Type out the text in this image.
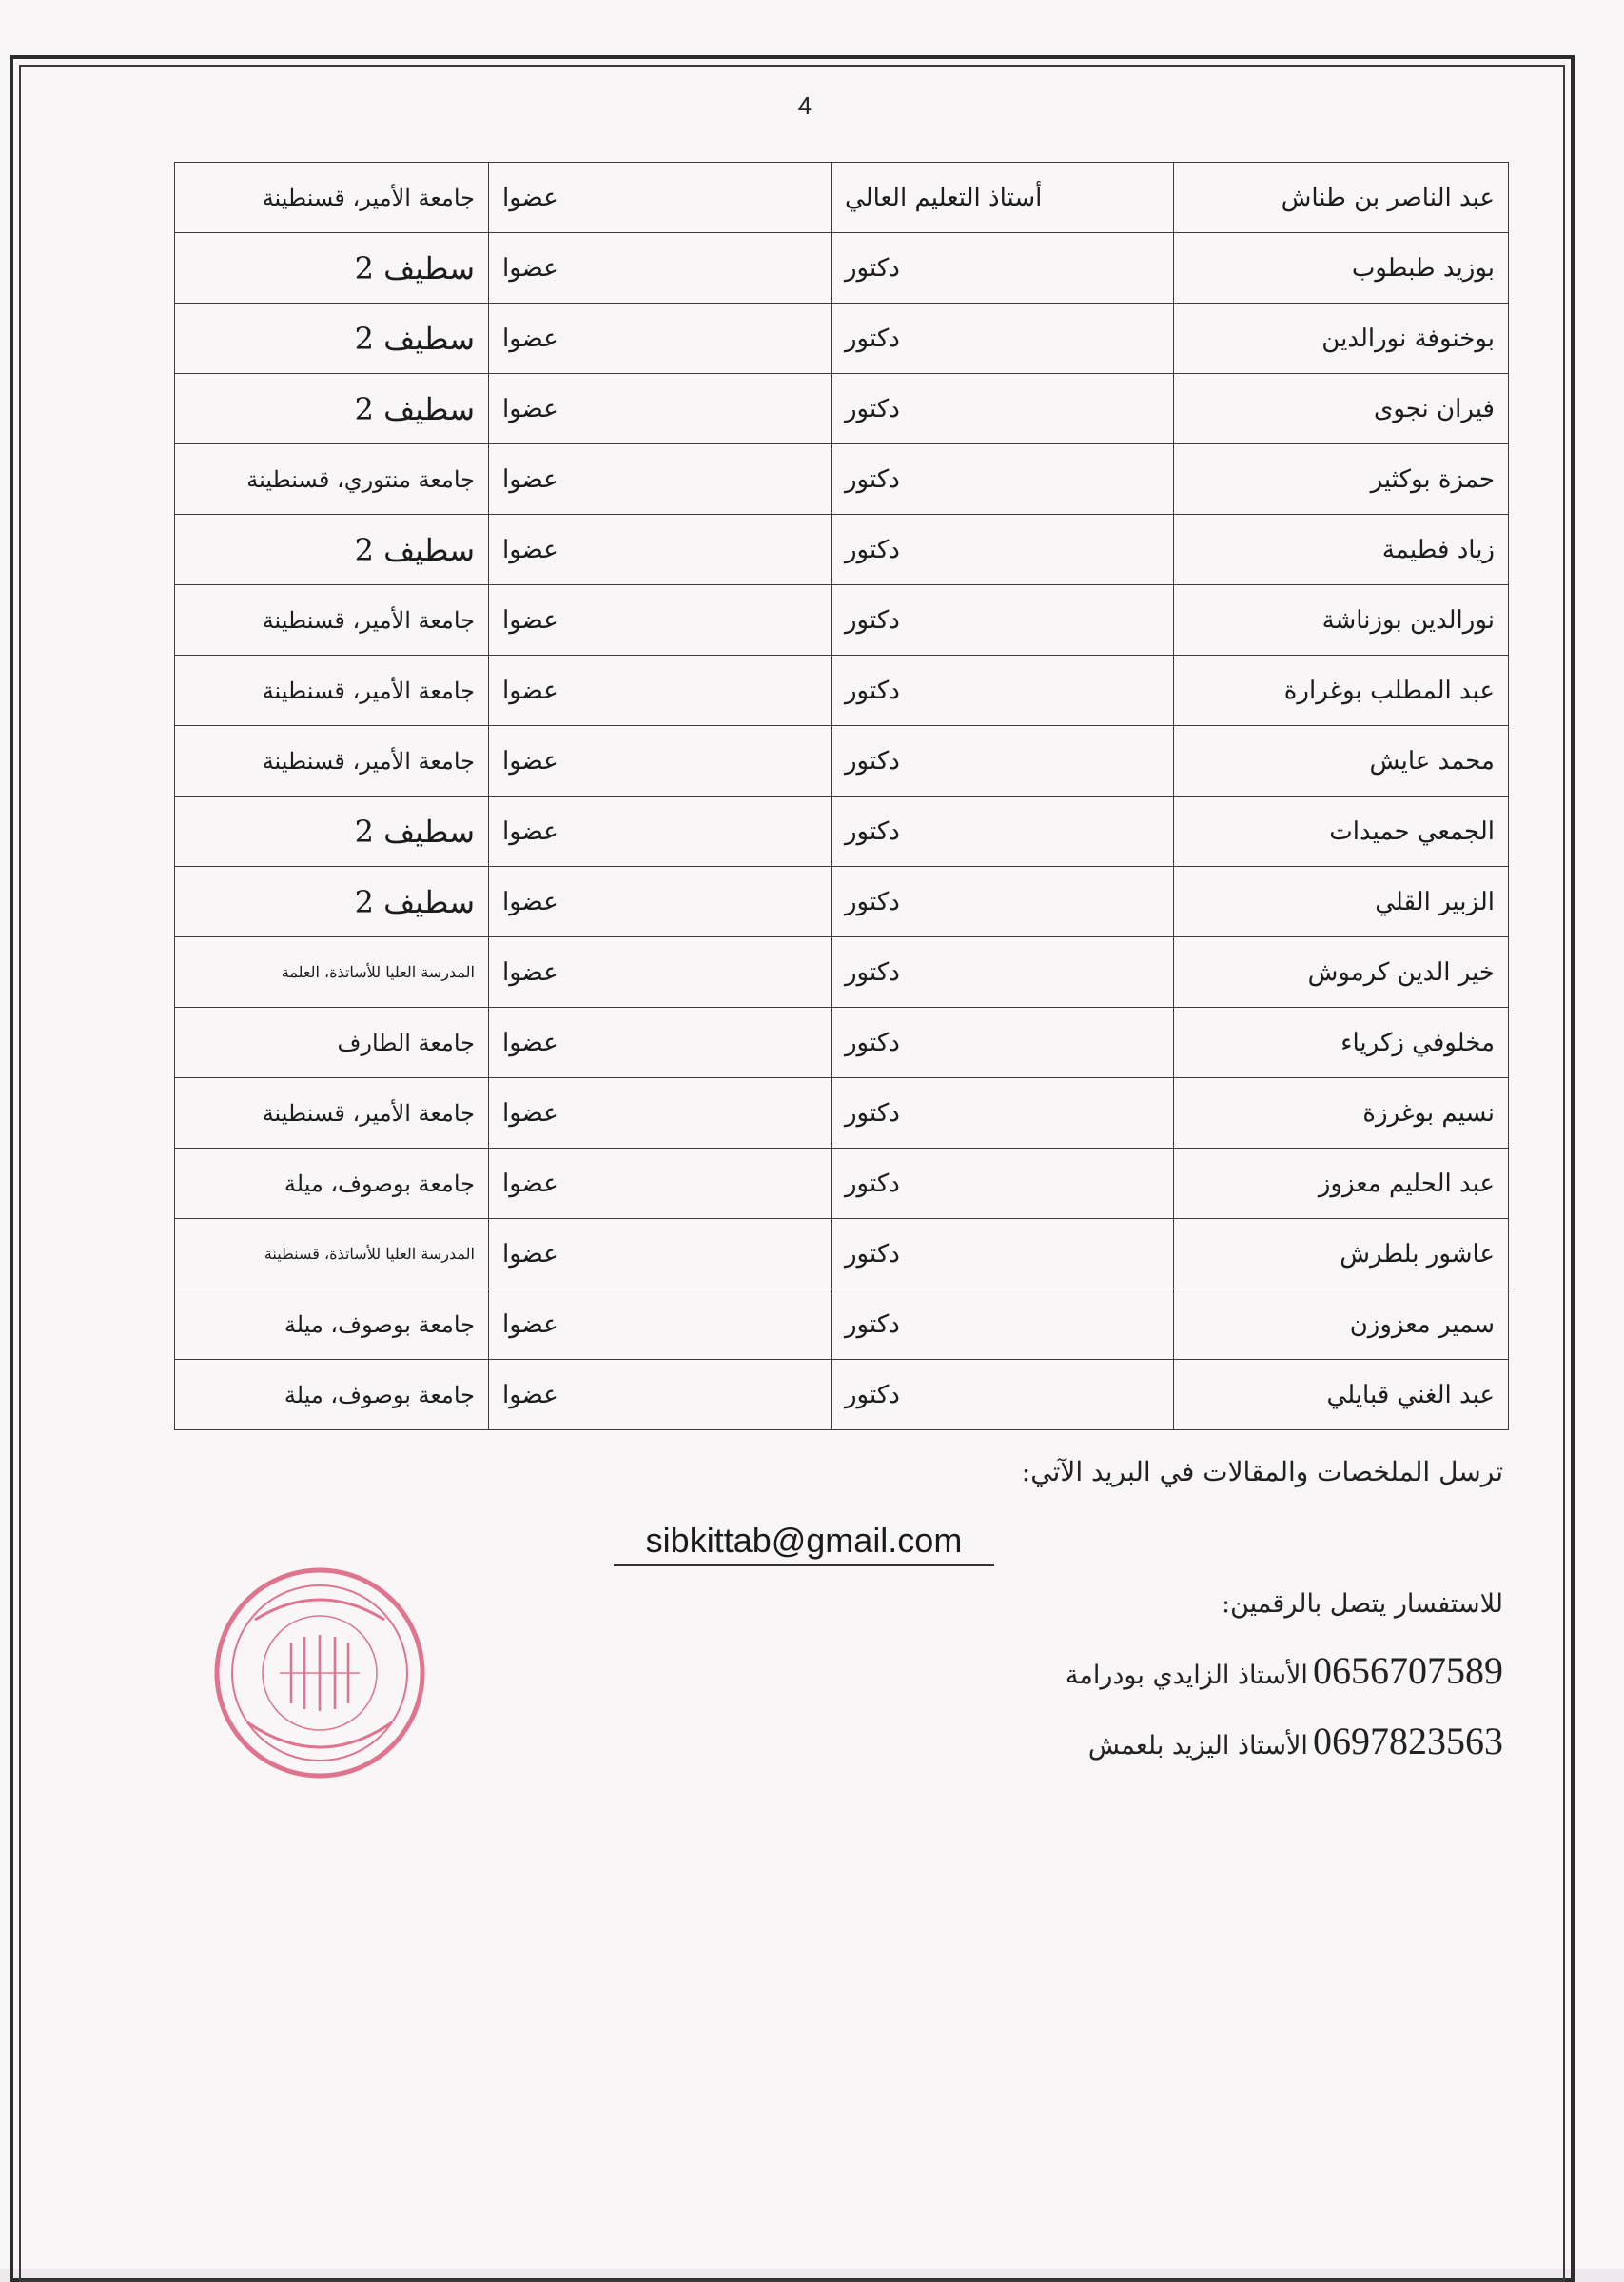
4
عبد الناصر بن طناش	أستاذ التعليم العالي	عضوا	جامعة الأمير، قسنطينة
بوزيد طبطوب	دكتور	عضوا	سطيف 2
بوخنوفة نورالدين	دكتور	عضوا	سطيف 2
فيران نجوى	دكتور	عضوا	سطيف 2
حمزة بوكثير	دكتور	عضوا	جامعة منتوري، قسنطينة
زياد فطيمة	دكتور	عضوا	سطيف 2
نورالدين بوزناشة	دكتور	عضوا	جامعة الأمير، قسنطينة
عبد المطلب بوغرارة	دكتور	عضوا	جامعة الأمير، قسنطينة
محمد عايش	دكتور	عضوا	جامعة الأمير، قسنطينة
الجمعي حميدات	دكتور	عضوا	سطيف 2
الزبير القلي	دكتور	عضوا	سطيف 2
خير الدين كرموش	دكتور	عضوا	المدرسة العليا للأساتذة، العلمة
مخلوفي زكرياء	دكتور	عضوا	جامعة الطارف
نسيم بوغرزة	دكتور	عضوا	جامعة الأمير، قسنطينة
عبد الحليم معزوز	دكتور	عضوا	جامعة بوصوف، ميلة
عاشور بلطرش	دكتور	عضوا	المدرسة العليا للأساتذة، قسنطينة
سمير معزوزن	دكتور	عضوا	جامعة بوصوف، ميلة
عبد الغني قبايلي	دكتور	عضوا	جامعة بوصوف، ميلة
ترسل الملخصات والمقالات في البريد الآتي:
sibkittab@gmail.com
للاستفسار يتصل بالرقمين:
0656707589 الأستاذ الزايدي بودرامة
0697823563 الأستاذ اليزيد بلعمش
